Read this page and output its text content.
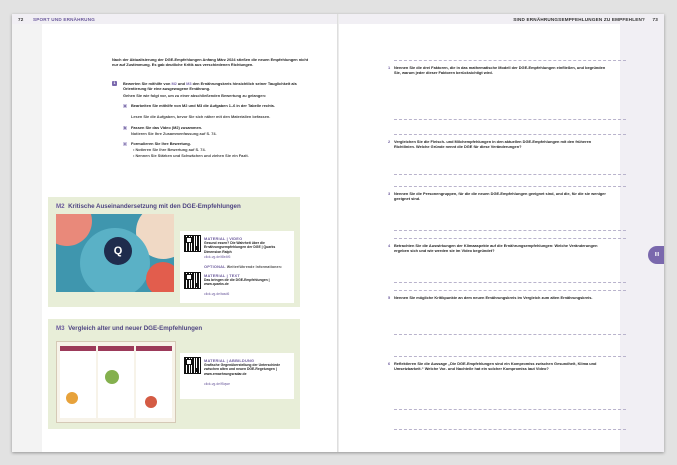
72 SPORT UND ERNÄHRUNG
Nach der Aktualisierung der DGE-Empfehlungen Anfang März 2024 stießen die neuen Empfehlungen nicht nur auf Zustimmung. Es gab deutliche Kritik aus verschiedenen Richtungen.
1	Bewerten Sie mithilfe von M2 und M3 den Ernährungskreis hinsichtlich seiner Tauglichkeit als Orientierung für eine ausgewogene Ernährung.
Gehen Sie wie folgt vor, um zu einer abschließenden Bewertung zu gelangen:
a Bearbeiten Sie mithilfe von M2 und M3 die Aufgaben 1–6 in der Tabelle rechts.
Lesen Sie die Aufgaben, bevor Sie sich näher mit den Materialien befassen.
b Fassen Sie das Video (M2) zusammen.
Notieren Sie Ihre Zusammenfassung auf S. 74.
c Formulieren Sie Ihre Bewertung.
• Notieren Sie Ihre Bewertung auf S. 74.
• Nennen Sie Stärken und Schwächen und ziehen Sie ein Fazit.
M2 Kritische Auseinandersetzung mit den DGE-Empfehlungen
Q
MATERIAL | VIDEO
Gesund essen? Die Wahrheit über die Ernährungsempfehlungen der DGE | Quarks Dimension Ralph
click-vg.de/t8e4f6
OPTIONAL Weiterführende Informationen:
MATERIAL | TEXT
Das bringen dir die DGE-Empfehlungen | www.quarks.de
click-vg.de/tasd6
M3 Vergleich alter und neuer DGE-Empfehlungen
MATERIAL | ABBILDUNG
Grafische Gegenüberstellung der Unterschiede zwischen alten und neuen DGE-Regelungen | www.ernaehrungsradar.de
click-vg.de/f5qwe
SIND ERNÄHRUNGSEMPFEHLUNGEN ZU EMPFEHLEN? 73
III
1 Nennen Sie die drei Faktoren, die in das mathematische Modell der DGE-Empfehlungen einfließen, und begründen Sie, warum jeder dieser Faktoren berücksichtigt wird.
2 Vergleichen Sie die Fleisch- und Milchempfehlungen in den aktuellen DGE-Empfehlungen mit den früheren Richtlinien. Welche Gründe nennt die DGE für diese Veränderungen?
3 Nennen Sie die Personengruppen, für die die neuen DGE-Empfehlungen geeignet sind, und die, für die sie weniger geeignet sind.
4 Betrachten Sie die Auswirkungen der Klimaaspekte auf die Ernährungsempfehlungen: Welche Veränderungen ergeben sich und wie werden sie im Video begründet?
5 Nennen Sie mögliche Kritikpunkte an dem neuen Ernährungskreis im Vergleich zum alten Ernährungskreis.
6 Reflektieren Sie die Aussage „Die DGE-Empfehlungen sind ein Kompromiss zwischen Gesundheit, Klima und Umsetzbarkeit.“ Welche Vor- und Nachteile hat ein solcher Kompromiss laut Video?
